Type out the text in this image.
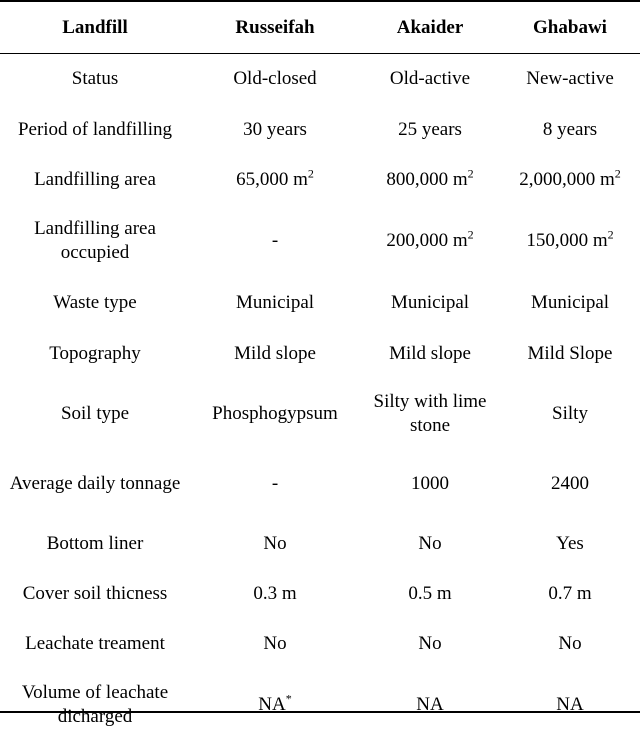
Landfill	Russeifah	Akaider	Ghabawi
Status	Old-closed	Old-active	New-active
Period of landfilling	30 years	25 years	8 years
Landfilling area	65,000 $m^2$	800,000 $m^2$	2,000,000 $m^2$
Landfilling area occupied	-	200,000 $m^2$	150,000 $m^2$
Waste type	Municipal	Municipal	Municipal
Topography	Mild slope	Mild slope	Mild Slope
Soil type	Phosphogypsum	Silty with lime stone	Silty
Average daily tonnage	-	1000	2400
Bottom liner	No	No	Yes
Cover soil thicness	0.3 m	0.5 m	0.7 m
Leachate treament	No	No	No
Volume of leachate dicharged	NA*	NA	NA
